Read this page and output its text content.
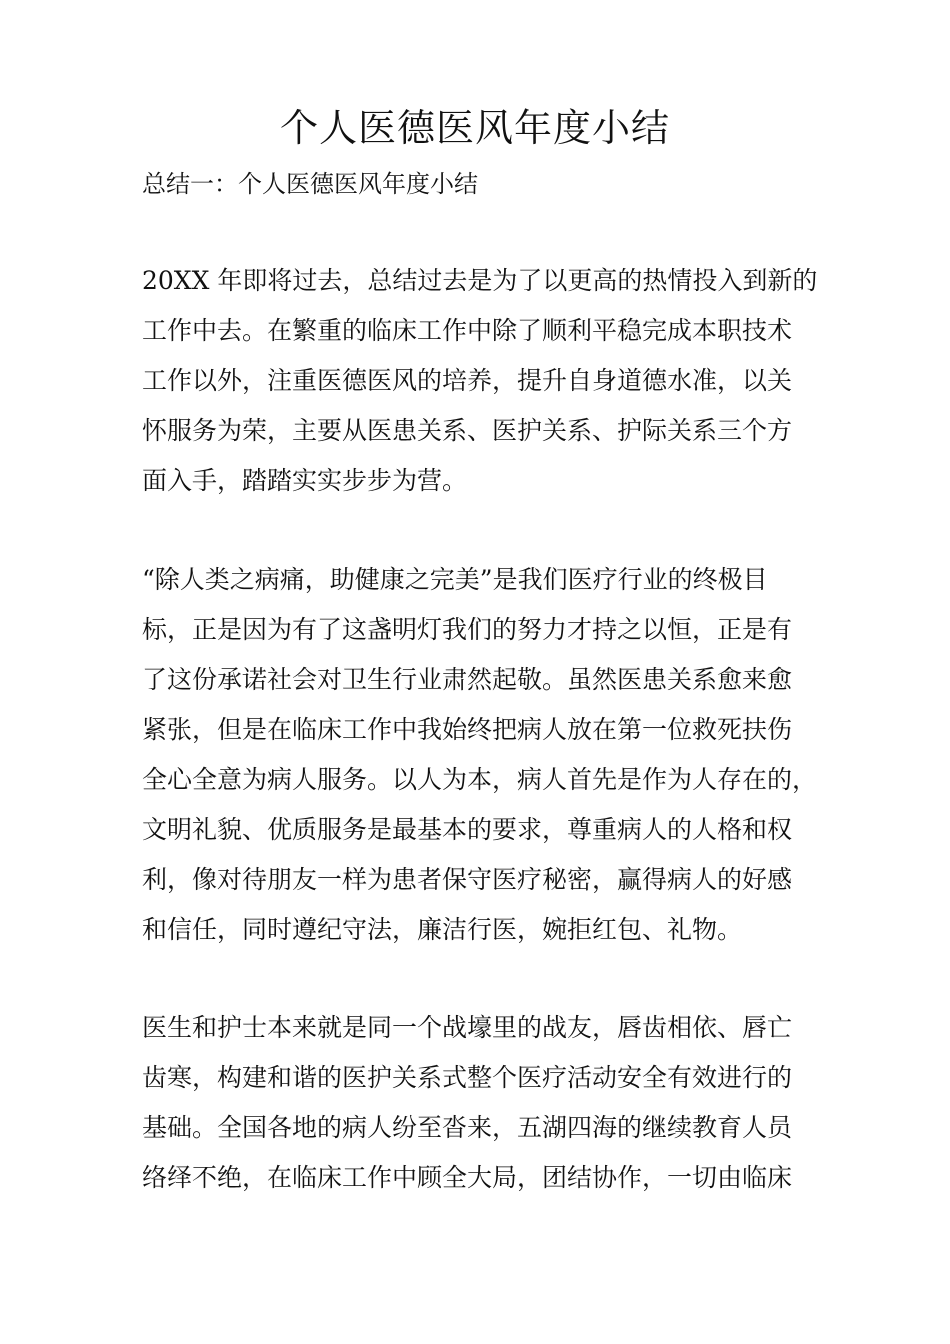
个人医德医风年度小结
总结一：个人医德医风年度小结
20XX 年即将过去，总结过去是为了以更高的热情投入到新的
工作中去。在繁重的临床工作中除了顺利平稳完成本职技术
工作以外，注重医德医风的培养，提升自身道德水准，以关
怀服务为荣，主要从医患关系、医护关系、护际关系三个方
面入手，踏踏实实步步为营。
“除人类之病痛，助健康之完美”是我们医疗行业的终极目
标，正是因为有了这盏明灯我们的努力才持之以恒，正是有
了这份承诺社会对卫生行业肃然起敬。虽然医患关系愈来愈
紧张，但是在临床工作中我始终把病人放在第一位救死扶伤
全心全意为病人服务。以人为本，病人首先是作为人存在的，
文明礼貌、优质服务是最基本的要求，尊重病人的人格和权
利，像对待朋友一样为患者保守医疗秘密，赢得病人的好感
和信任，同时遵纪守法，廉洁行医，婉拒红包、礼物。
医生和护士本来就是同一个战壕里的战友，唇齿相依、唇亡
齿寒，构建和谐的医护关系式整个医疗活动安全有效进行的
基础。全国各地的病人纷至沓来，五湖四海的继续教育人员
络绎不绝，在临床工作中顾全大局，团结协作，一切由临床
